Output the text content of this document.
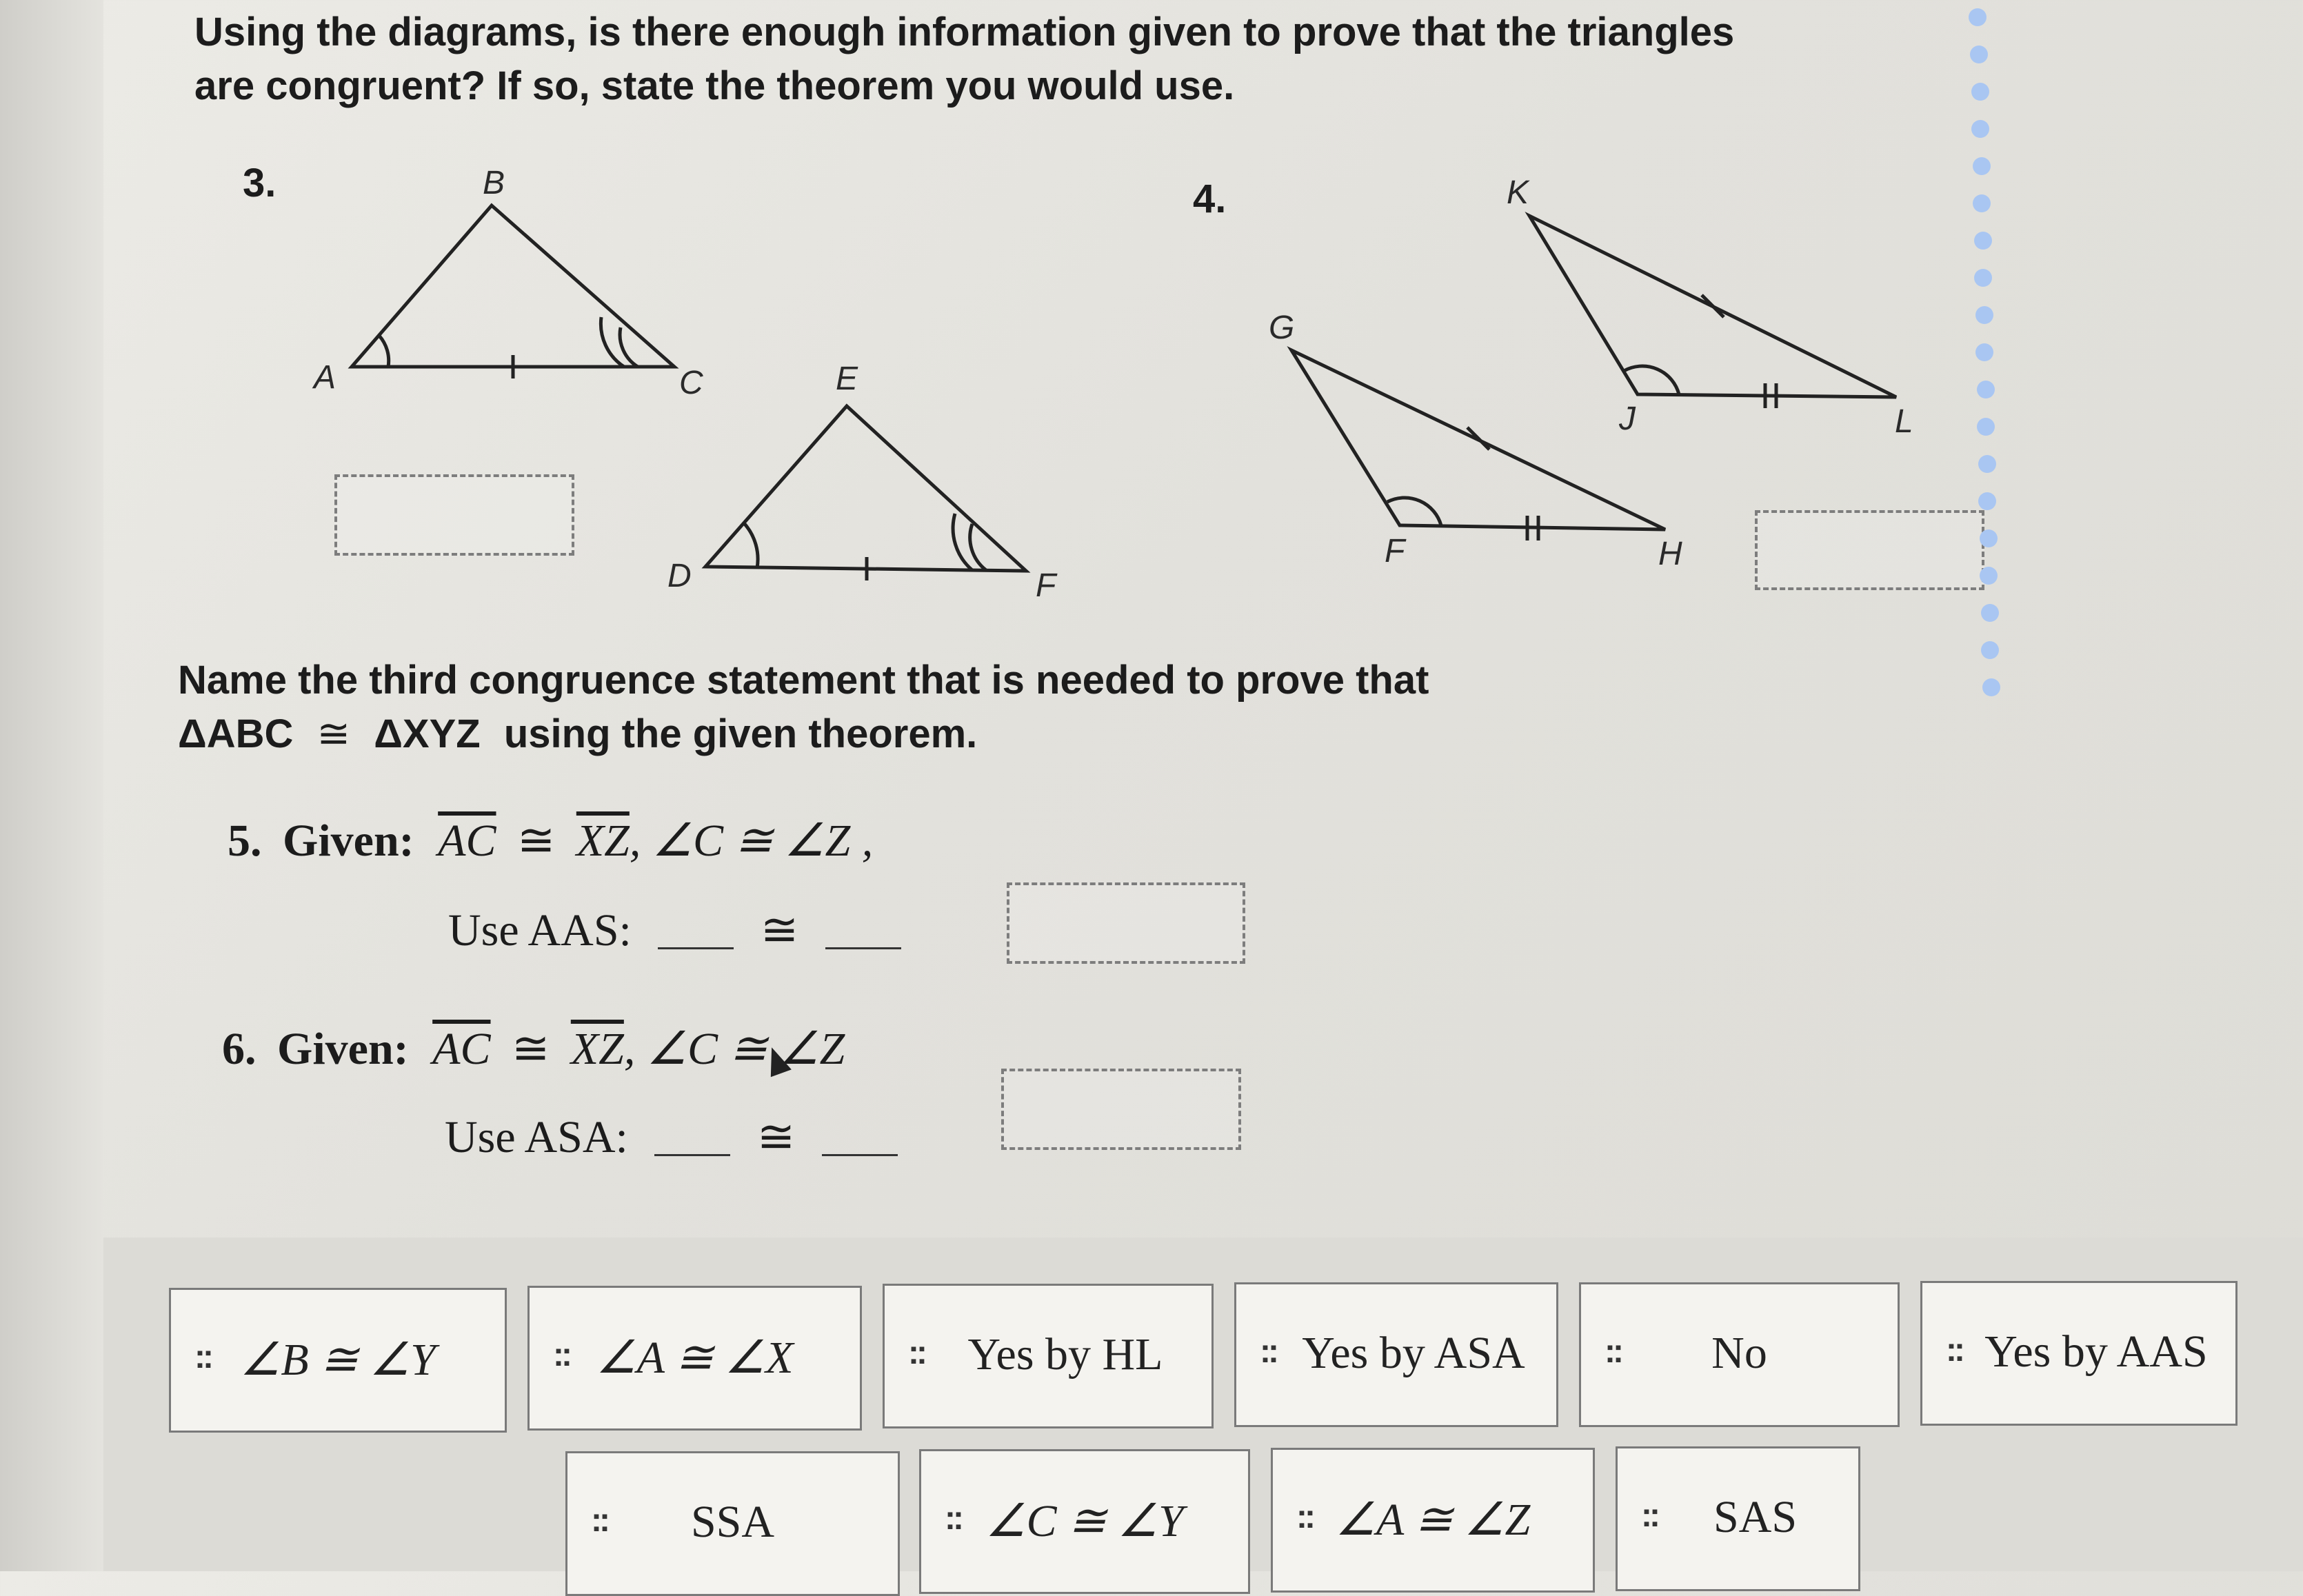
Using the diagrams, is there enough information given to prove that the triangles
are congruent? If so, state the theorem you would use.
3.
A
B
C
D
E
F
4.	K
J	L
G
F	H
Name the third congruence statement that is needed to prove that
ΔABC ≅ ΔXYZ using the given theorem.
5. Given: $\overline{AC}$ ≅ $\overline{XZ}$, ∠C ≅ ∠Z ,
Use AAS:	≅
6. Given: $\overline{AC}$ ≅ $\overline{XZ}$, ∠C ≅ ∠Z
Use ASA:	≅
:: ∠B ≅ ∠Y	:: ∠A ≅ ∠X	:: Yes by HL	:: Yes by ASA	::	No	:: Yes by AAS
::	SSA	:: ∠C ≅ ∠Y	:: ∠A ≅ ∠Z	::	SAS
